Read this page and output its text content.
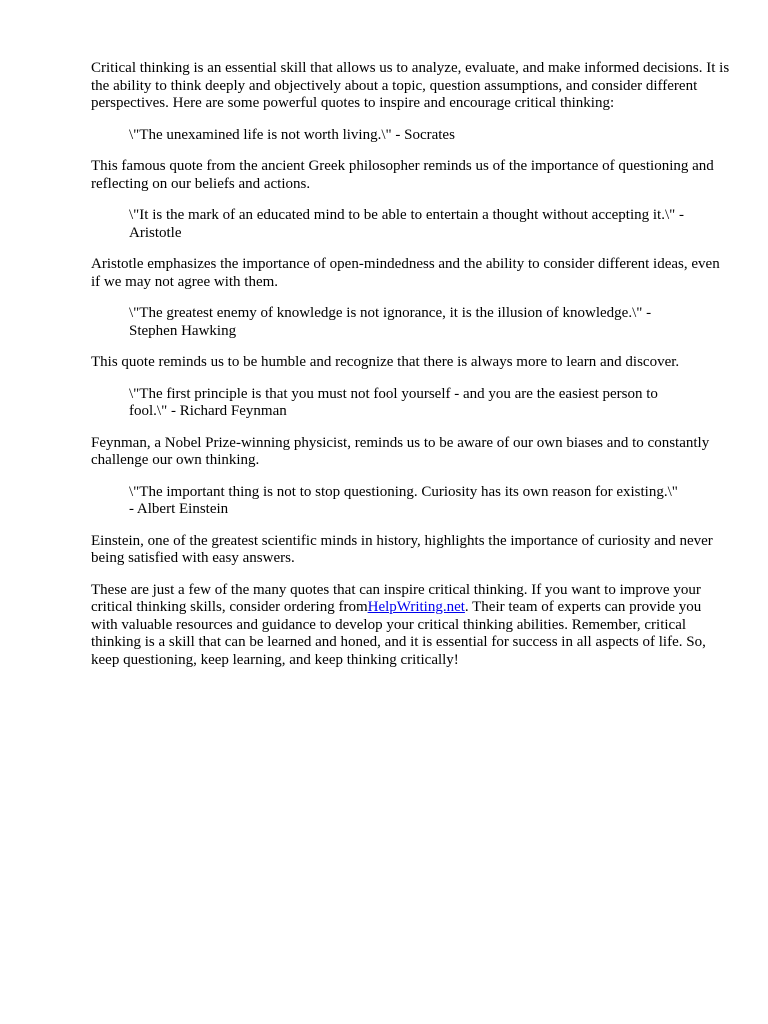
Critical thinking is an essential skill that allows us to analyze, evaluate, and make informed decisions. It is the ability to think deeply and objectively about a topic, question assumptions, and consider different perspectives. Here are some powerful quotes to inspire and encourage critical thinking:

\"The unexamined life is not worth living.\" - Socrates

This famous quote from the ancient Greek philosopher reminds us of the importance of questioning and reflecting on our beliefs and actions.

\"It is the mark of an educated mind to be able to entertain a thought without accepting it.\" - Aristotle

Aristotle emphasizes the importance of open-mindedness and the ability to consider different ideas, even if we may not agree with them.

\"The greatest enemy of knowledge is not ignorance, it is the illusion of knowledge.\" - Stephen Hawking

This quote reminds us to be humble and recognize that there is always more to learn and discover.

\"The first principle is that you must not fool yourself - and you are the easiest person to fool.\" - Richard Feynman

Feynman, a Nobel Prize-winning physicist, reminds us to be aware of our own biases and to constantly challenge our own thinking.

\"The important thing is not to stop questioning. Curiosity has its own reason for existing.\" - Albert Einstein

Einstein, one of the greatest scientific minds in history, highlights the importance of curiosity and never being satisfied with easy answers.

These are just a few of the many quotes that can inspire critical thinking. If you want to improve your critical thinking skills, consider ordering fromHelpWriting.net. Their team of experts can provide you with valuable resources and guidance to develop your critical thinking abilities. Remember, critical thinking is a skill that can be learned and honed, and it is essential for success in all aspects of life. So, keep questioning, keep learning, and keep thinking critically!
